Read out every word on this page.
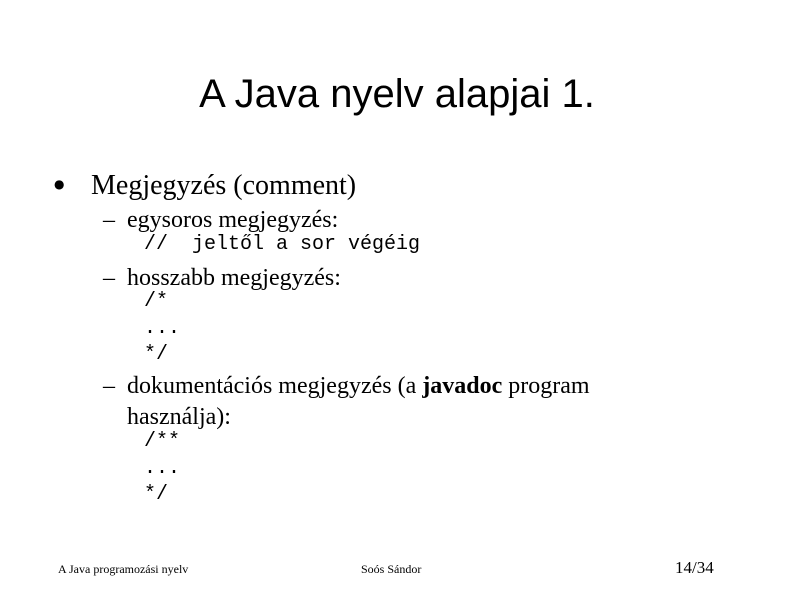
A Java nyelv alapjai 1.
● Megjegyzés (comment)
– egysoros megjegyzés:
//  jeltől a sor végéig
– hosszabb megjegyzés:
/*
...
*/
– dokumentációs megjegyzés (a javadoc program
használja):
/**
...
*/
A Java programozási nyelv	Soós Sándor	14/34
